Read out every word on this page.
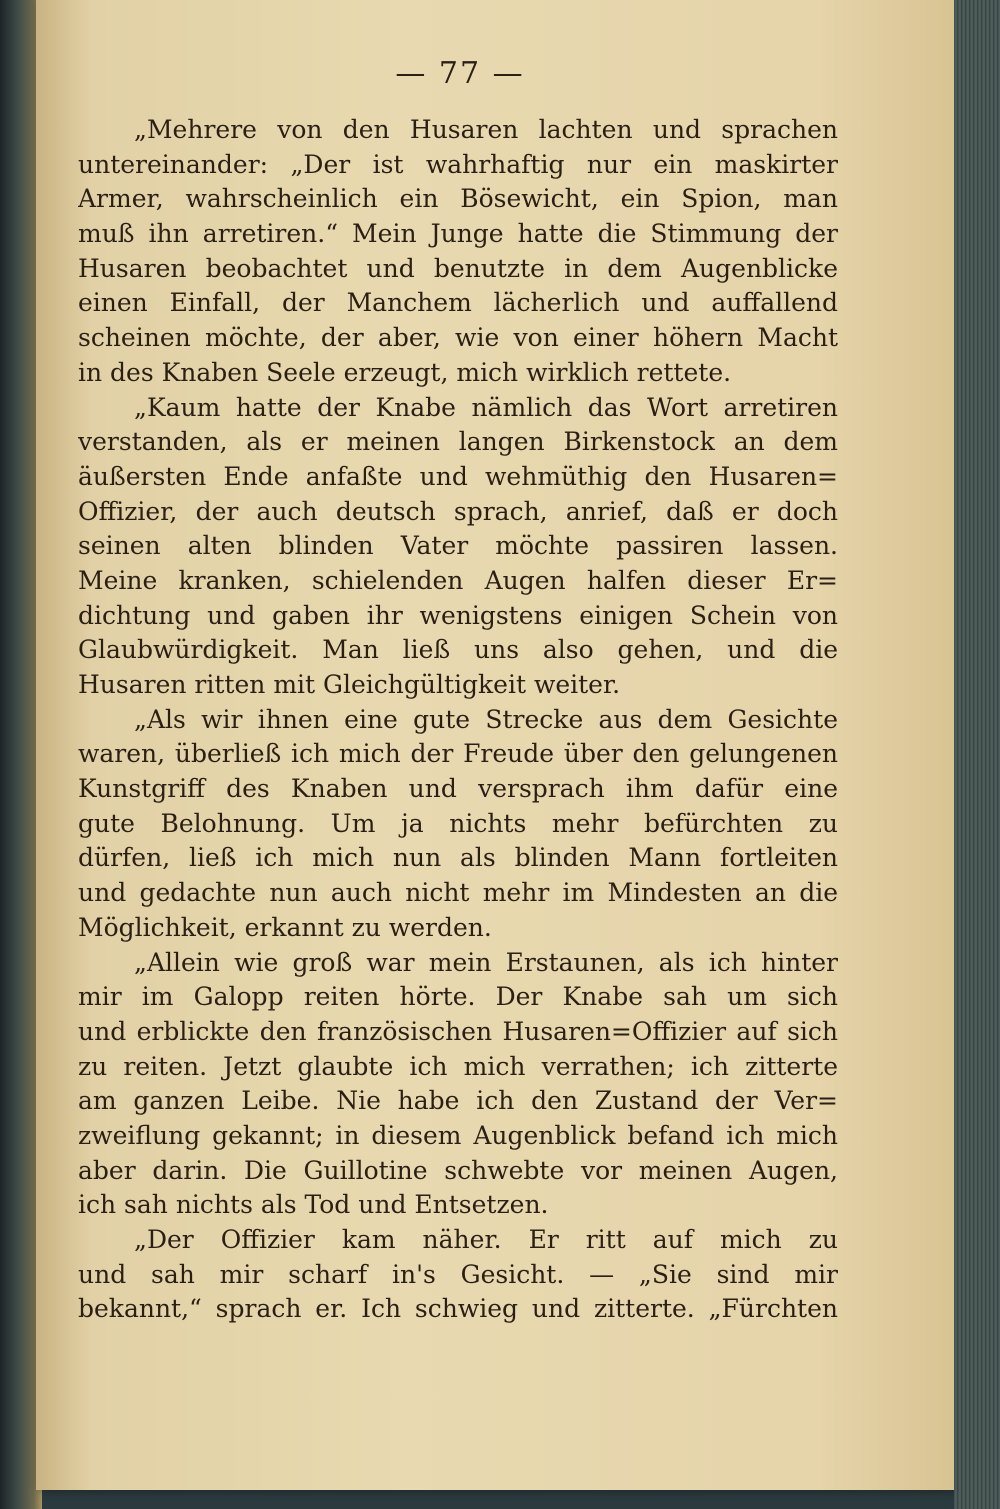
— 77 —
„Mehrere von den Husaren lachten und sprachen
untereinander: „Der ist wahrhaftig nur ein maskirter
Armer, wahrscheinlich ein Bösewicht, ein Spion, man
muß ihn arretiren.“ Mein Junge hatte die Stimmung der
Husaren beobachtet und benutzte in dem Augenblicke
einen Einfall, der Manchem lächerlich und auffallend
scheinen möchte, der aber, wie von einer höhern Macht
in des Knaben Seele erzeugt, mich wirklich rettete.
„Kaum hatte der Knabe nämlich das Wort arretiren
verstanden, als er meinen langen Birkenstock an dem
äußersten Ende anfaßte und wehmüthig den Husaren=
Offizier, der auch deutsch sprach, anrief, daß er doch
seinen alten blinden Vater möchte passiren lassen.
Meine kranken, schielenden Augen halfen dieser Er=
dichtung und gaben ihr wenigstens einigen Schein von
Glaubwürdigkeit. Man ließ uns also gehen, und die
Husaren ritten mit Gleichgültigkeit weiter.
„Als wir ihnen eine gute Strecke aus dem Gesichte
waren, überließ ich mich der Freude über den gelungenen
Kunstgriff des Knaben und versprach ihm dafür eine
gute Belohnung. Um ja nichts mehr befürchten zu
dürfen, ließ ich mich nun als blinden Mann fortleiten
und gedachte nun auch nicht mehr im Mindesten an die
Möglichkeit, erkannt zu werden.
„Allein wie groß war mein Erstaunen, als ich hinter
mir im Galopp reiten hörte. Der Knabe sah um sich
und erblickte den französischen Husaren=Offizier auf sich
zu reiten. Jetzt glaubte ich mich verrathen; ich zitterte
am ganzen Leibe. Nie habe ich den Zustand der Ver=
zweiflung gekannt; in diesem Augenblick befand ich mich
aber darin. Die Guillotine schwebte vor meinen Augen,
ich sah nichts als Tod und Entsetzen.
„Der Offizier kam näher. Er ritt auf mich zu
und sah mir scharf in's Gesicht. — „Sie sind mir
bekannt,“ sprach er. Ich schwieg und zitterte. „Fürchten
